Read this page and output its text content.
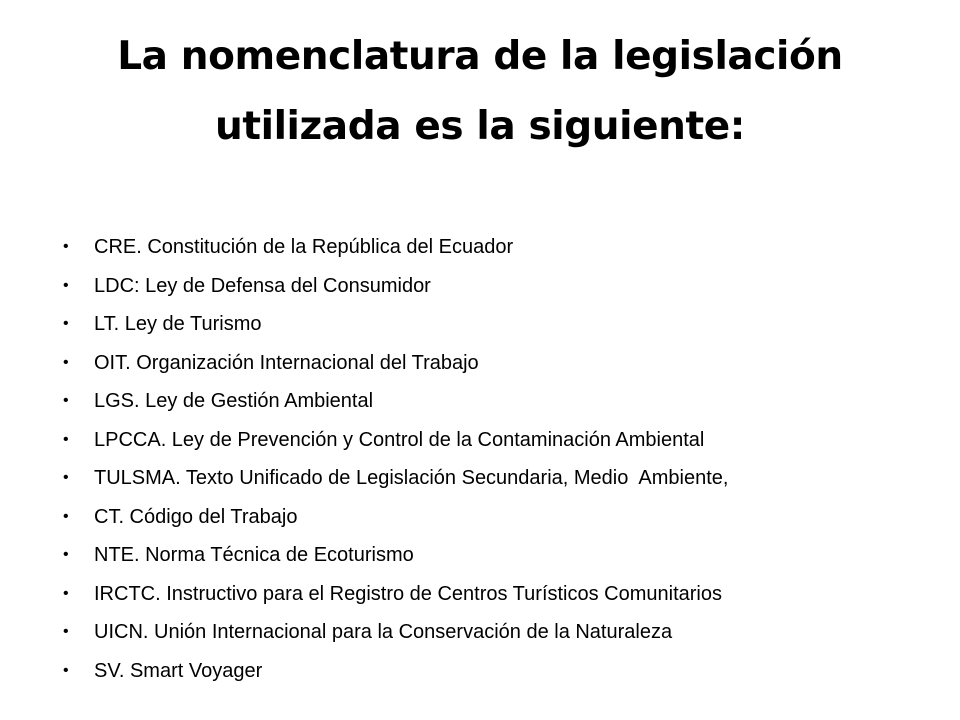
La nomenclatura de la legislación
utilizada es la siguiente:
•	CRE. Constitución de la República del Ecuador
•	LDC: Ley de Defensa del Consumidor
•	LT. Ley de Turismo
•	OIT. Organización Internacional del Trabajo
•	LGS. Ley de Gestión Ambiental
•	LPCCA. Ley de Prevención y Control de la Contaminación Ambiental
•	TULSMA. Texto Unificado de Legislación Secundaria, Medio  Ambiente,
•	CT. Código del Trabajo
•	NTE. Norma Técnica de Ecoturismo
•	IRCTC. Instructivo para el Registro de Centros Turísticos Comunitarios
•	UICN. Unión Internacional para la Conservación de la Naturaleza
•	SV. Smart Voyager
